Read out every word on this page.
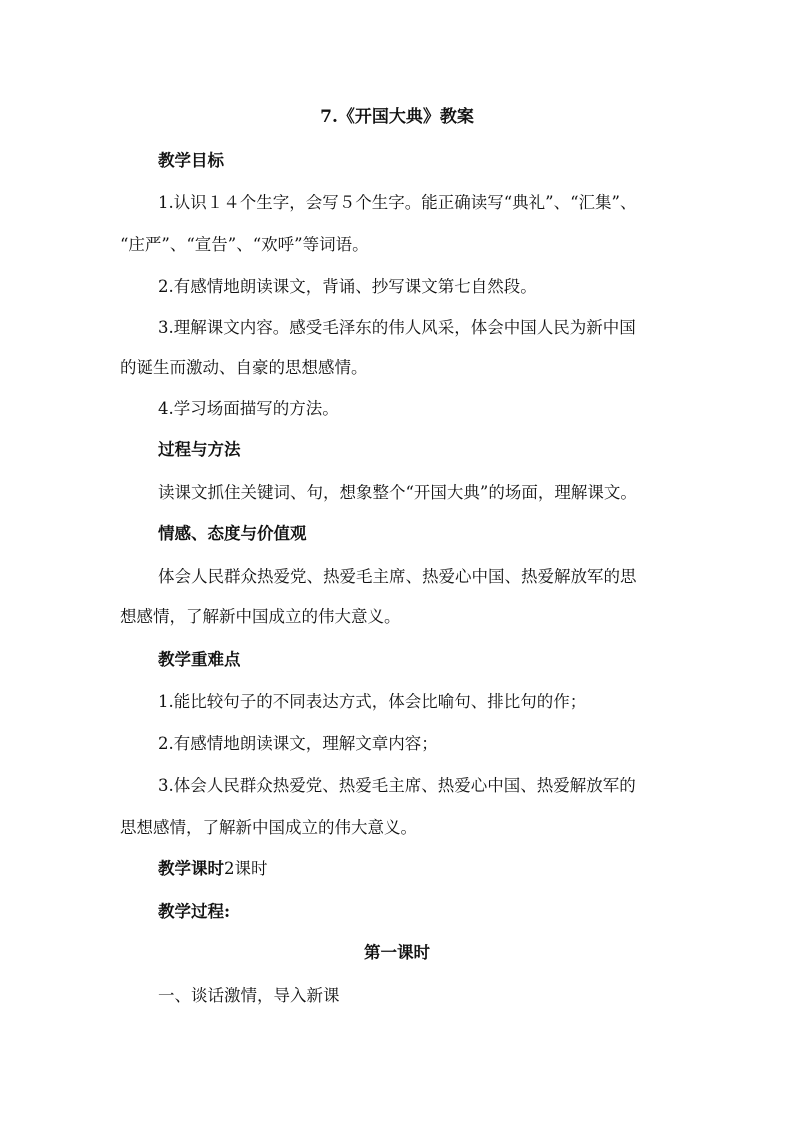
7.《开国大典》教案
教学目标
1.认识１４个生字，会写５个生字。能正确读写“典礼”、“汇集”、
“庄严”、“宣告”、“欢呼”等词语。
2.有感情地朗读课文，背诵、抄写课文第七自然段。
3.理解课文内容。感受毛泽东的伟人风采，体会中国人民为新中国
的诞生而激动、自豪的思想感情。
4.学习场面描写的方法。
过程与方法
读课文抓住关键词、句，想象整个“开国大典”的场面，理解课文。
情感、态度与价值观
体会人民群众热爱党、热爱毛主席、热爱心中国、热爱解放军的思
想感情，了解新中国成立的伟大意义。
教学重难点
1.能比较句子的不同表达方式，体会比喻句、排比句的作；
2.有感情地朗读课文，理解文章内容；
3.体会人民群众热爱党、热爱毛主席、热爱心中国、热爱解放军的
思想感情，了解新中国成立的伟大意义。
教学课时2课时
教学过程:
第一课时
一、谈话激情，导入新课
